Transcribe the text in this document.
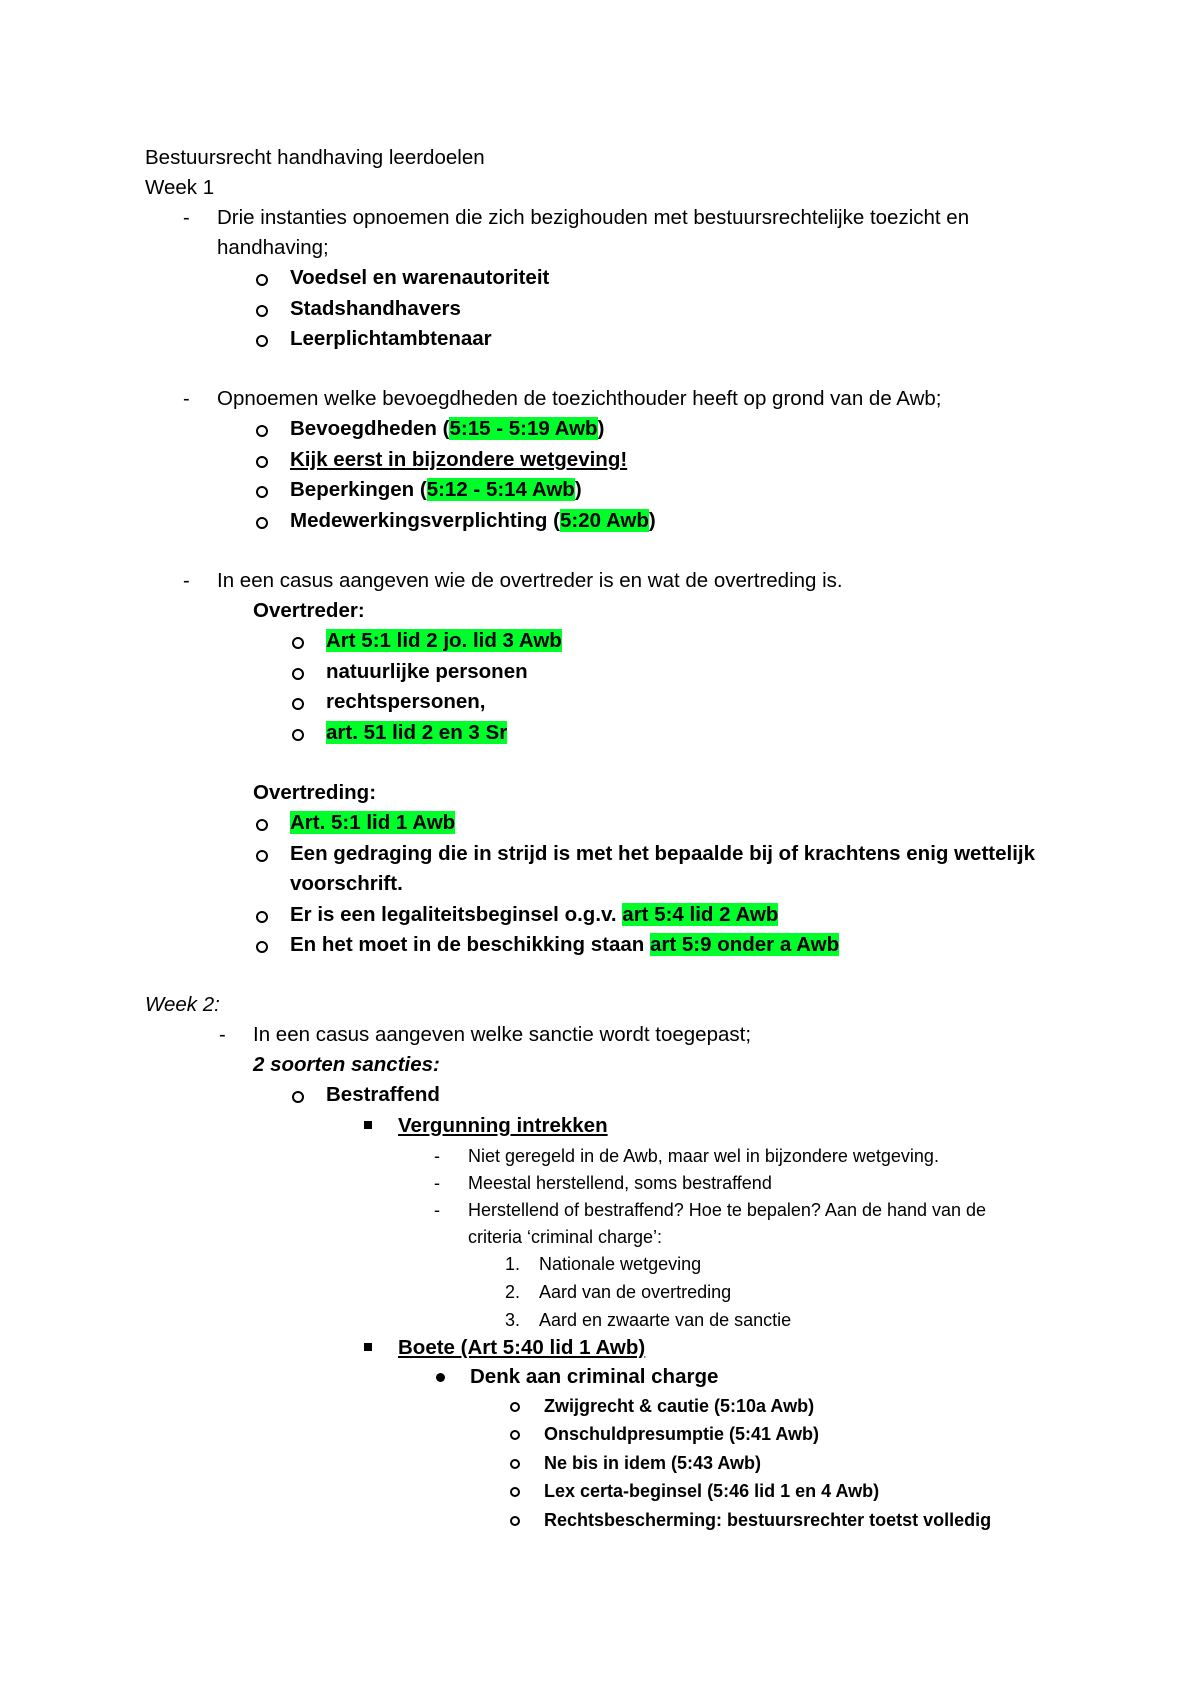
Bestuursrecht handhaving leerdoelen
Week 1
- Drie instanties opnoemen die zich bezighouden met bestuursrechtelijke toezicht en
handhaving;
Voedsel en warenautoriteit
Stadshandhavers
Leerplichtambtenaar
- Opnoemen welke bevoegdheden de toezichthouder heeft op grond van de Awb;
Bevoegdheden (5:15 - 5:19 Awb)
Kijk eerst in bijzondere wetgeving!
Beperkingen (5:12 - 5:14 Awb)
Medewerkingsverplichting (5:20 Awb)
- In een casus aangeven wie de overtreder is en wat de overtreding is.
Overtreder:
Art 5:1 lid 2 jo. lid 3 Awb
natuurlijke personen
rechtspersonen,
art. 51 lid 2 en 3 Sr
Overtreding:
Art. 5:1 lid 1 Awb
Een gedraging die in strijd is met het bepaalde bij of krachtens enig wettelijk
voorschrift.
Er is een legaliteitsbeginsel o.g.v. art 5:4 lid 2 Awb
En het moet in de beschikking staan art 5:9 onder a Awb
Week 2:
- In een casus aangeven welke sanctie wordt toegepast;
2 soorten sancties:
Bestraffend
Vergunning intrekken
- Niet geregeld in de Awb, maar wel in bijzondere wetgeving.
- Meestal herstellend, soms bestraffend
- Herstellend of bestraffend? Hoe te bepalen? Aan de hand van de
criteria ‘criminal charge’:
1. Nationale wetgeving
2. Aard van de overtreding
3. Aard en zwaarte van de sanctie
Boete (Art 5:40 lid 1 Awb)
Denk aan criminal charge
Zwijgrecht & cautie (5:10a Awb)
Onschuldpresumptie (5:41 Awb)
Ne bis in idem (5:43 Awb)
Lex certa-beginsel (5:46 lid 1 en 4 Awb)
Rechtsbescherming: bestuursrechter toetst volledig
